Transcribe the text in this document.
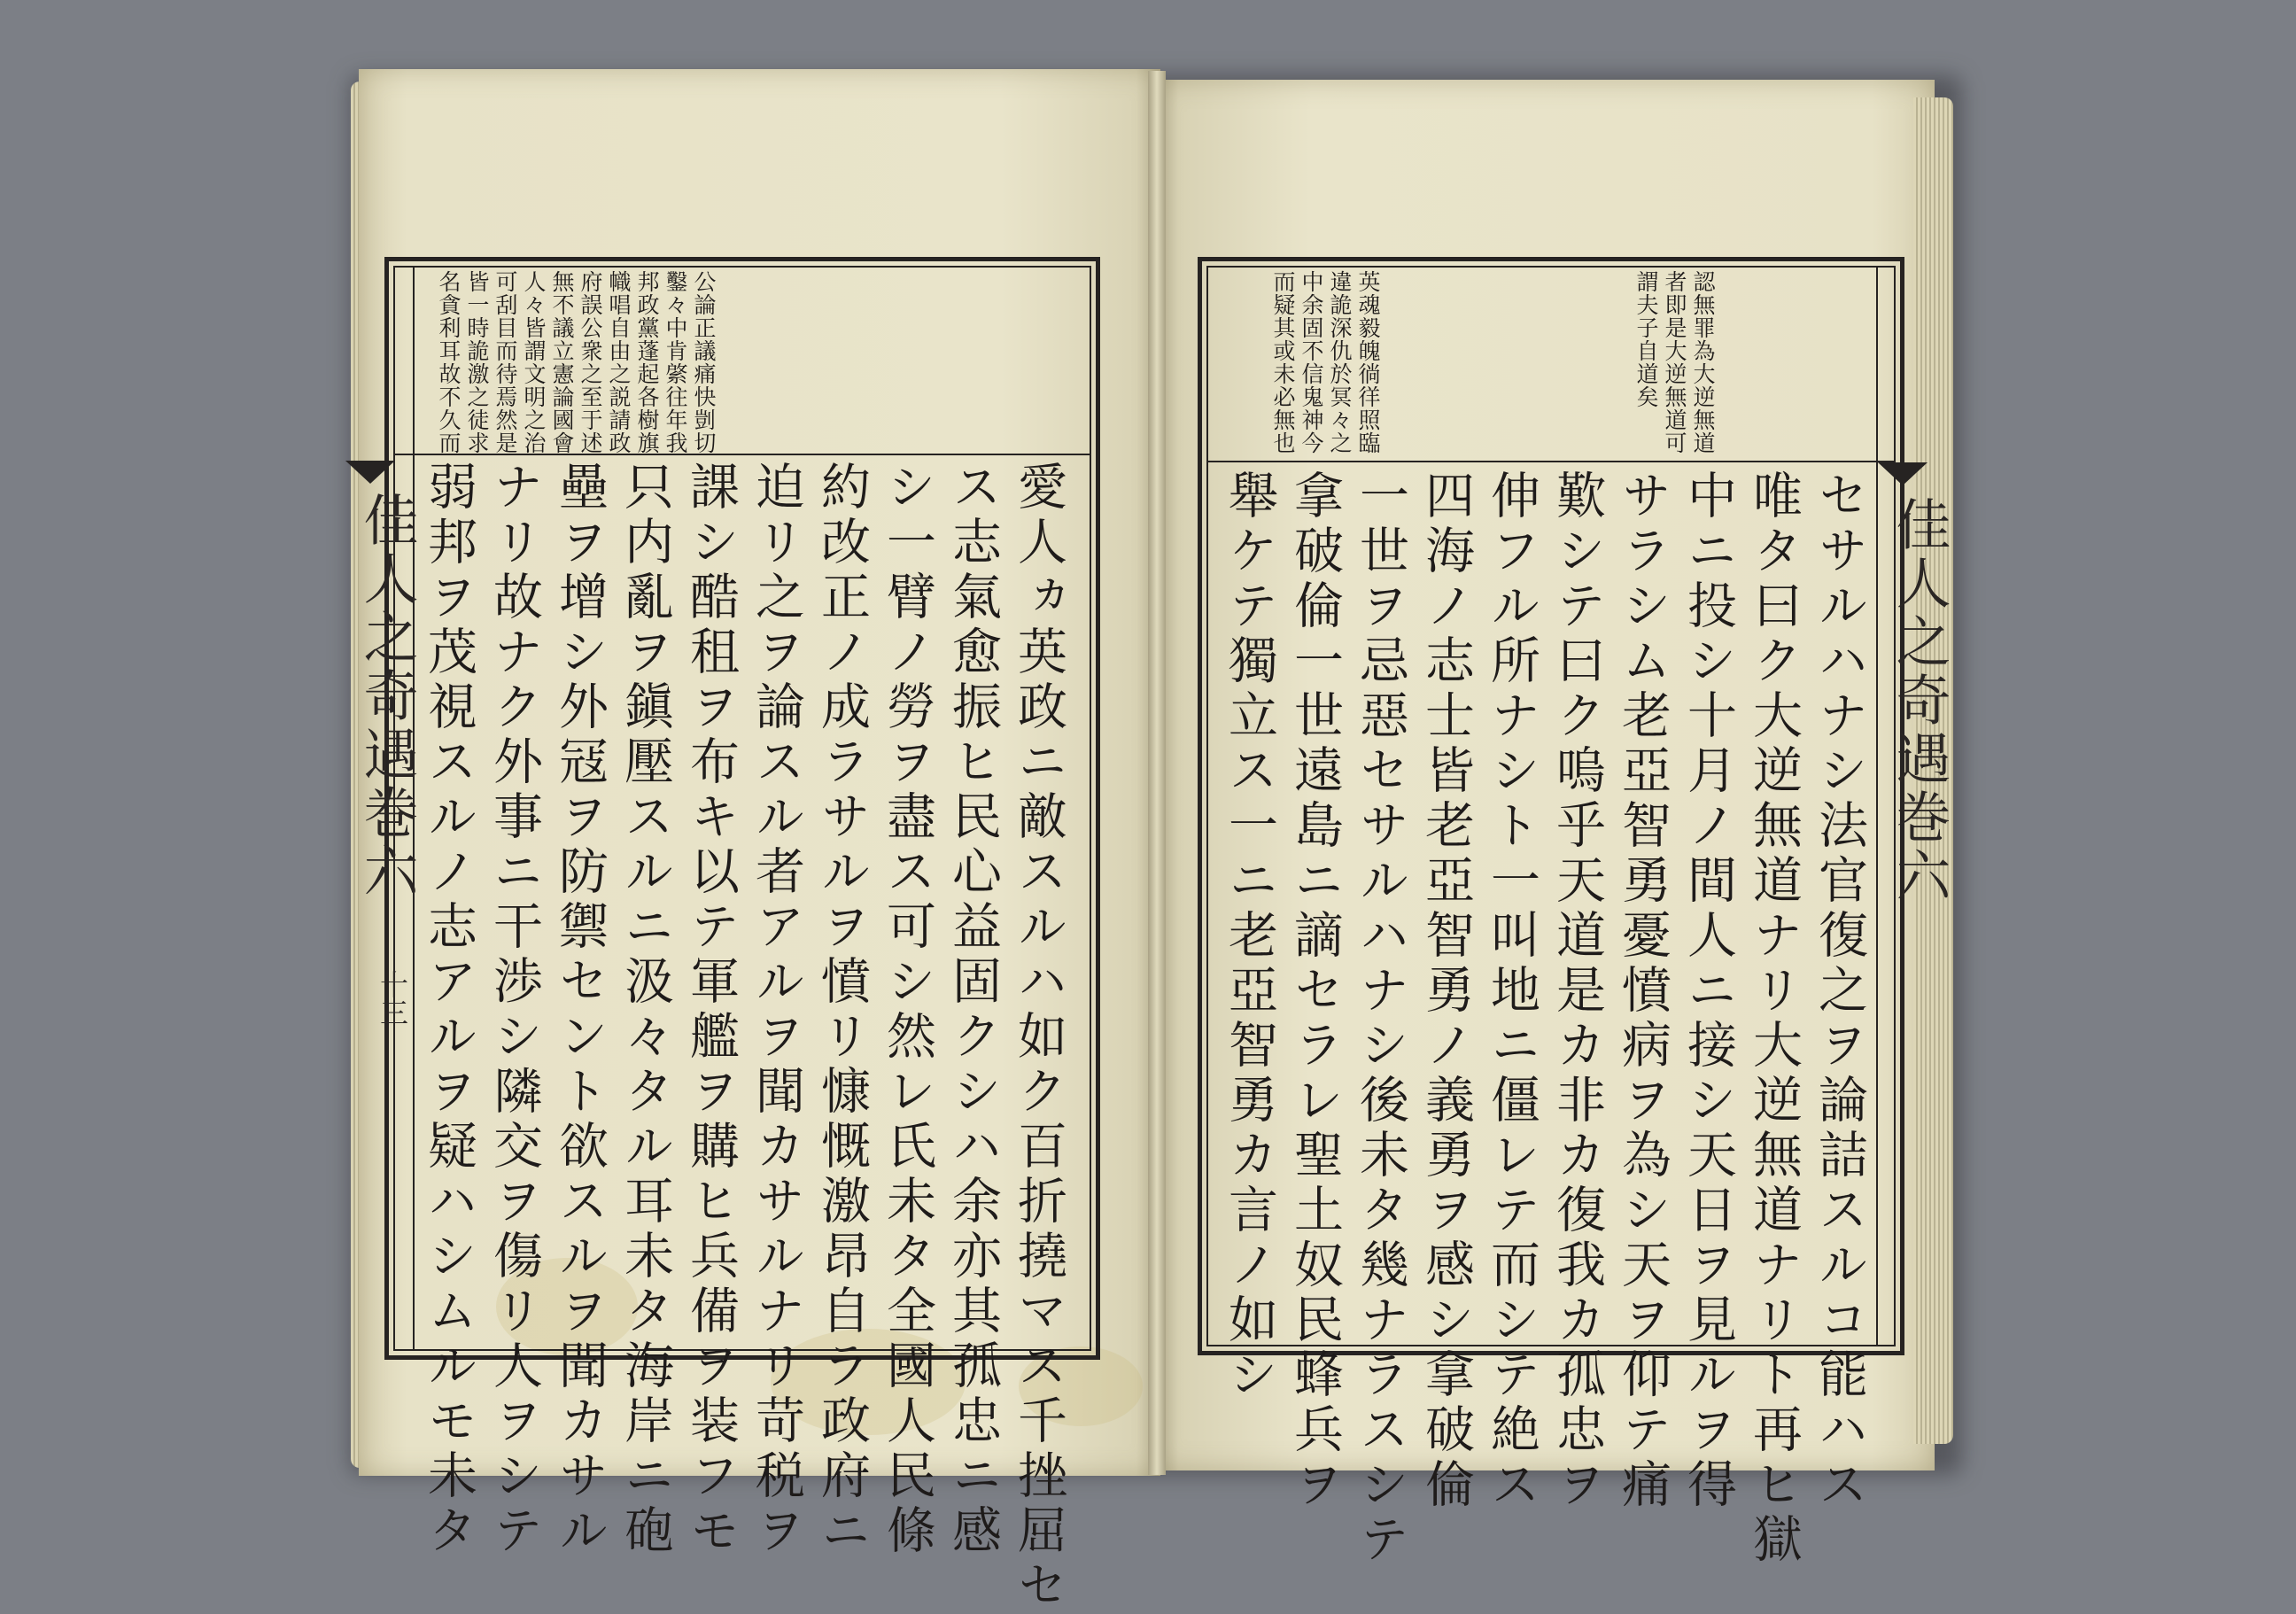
佳人之奇遇巻六
十三
公論正議痛快剴切
鑿々中肯綮往年我
邦政黨蓬起各樹旗
幟唱自由之説請政
府誤公衆之至于述
無不議立憲論國會
人々皆謂文明之治
可刮目而待焉然是
皆一時詭激之徒求
名貪利耳故不久而
愛人ヵ英政ニ敵スルハ如ク百折撓マス千挫屈セ
ス志氣愈振ヒ民心益固クシハ余亦其孤忠ニ感
シ一臂ノ勞ヲ盡ス可シ然レ氏未タ全國人民條
約改正ノ成ラサルヲ憤リ慷慨激昂自ラ政府ニ
迫リ之ヲ論スル者アルヲ聞カサルナリ苛税ヲ
課シ酷租ヲ布キ以テ軍艦ヲ購ヒ兵備ヲ装フモ
只内亂ヲ鎭壓スルニ汲々タル耳未タ海岸ニ砲
壘ヲ增シ外冦ヲ防禦セント欲スルヲ聞カサル
ナリ故ナク外事ニ干渉シ隣交ヲ傷リ人ヲシテ
弱邦ヲ茂視スルノ志アルヲ疑ハシムルモ未タ	佳人之奇遇巻六
認無罪為大逆無道
者即是大逆無道可
謂夫子自道矣
英魂毅魄徜徉照臨
違詭深仇於冥々之
中余固不信鬼神今
而疑其或未必無也
セサルハナシ法官復之ヲ論詰スルコ能ハス
唯タ曰ク大逆無道ナリ大逆無道ナリト再ヒ獄
中ニ投シ十月ノ間人ニ接シ天日ヲ見ルヲ得
サラシム老亞智勇憂憤病ヲ為シ天ヲ仰テ痛
歎シテ曰ク嗚乎天道是カ非カ復我カ孤忠ヲ
伸フル所ナシト一叫地ニ僵レテ而シテ絶ス
四海ノ志士皆老亞智勇ノ義勇ヲ感シ拿破倫
一世ヲ忌惡セサルハナシ後未タ幾ナラスシテ
拿破倫一世遠島ニ謫セラレ聖土奴民蜂兵ヲ
舉ケテ獨立ス一ニ老亞智勇カ言ノ如シ
